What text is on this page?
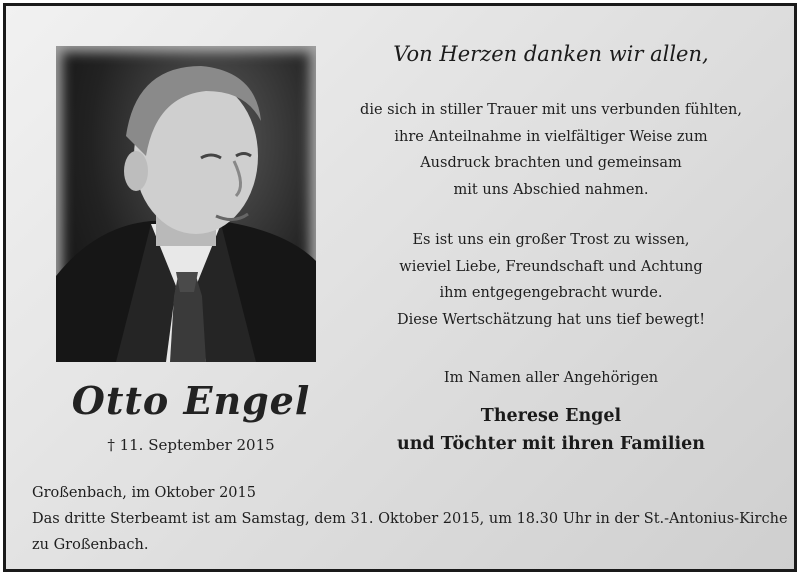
Otto Engel
† 11. September 2015
Von Herzen danken wir allen,
die sich in stiller Trauer mit uns verbunden fühlten,
ihre Anteilnahme in vielfältiger Weise zum
Ausdruck brachten und gemeinsam
mit uns Abschied nahmen.
Es ist uns ein großer Trost zu wissen,
wieviel Liebe, Freundschaft und Achtung
ihm entgegengebracht wurde.
Diese Wertschätzung hat uns tief bewegt!
Im Namen aller Angehörigen
Therese Engel
und Töchter mit ihren Familien
Großenbach, im Oktober 2015
Das dritte Sterbeamt ist am Samstag, dem 31. Oktober 2015, um 18.30 Uhr in der St.-Antonius-Kirche
zu Großenbach.
